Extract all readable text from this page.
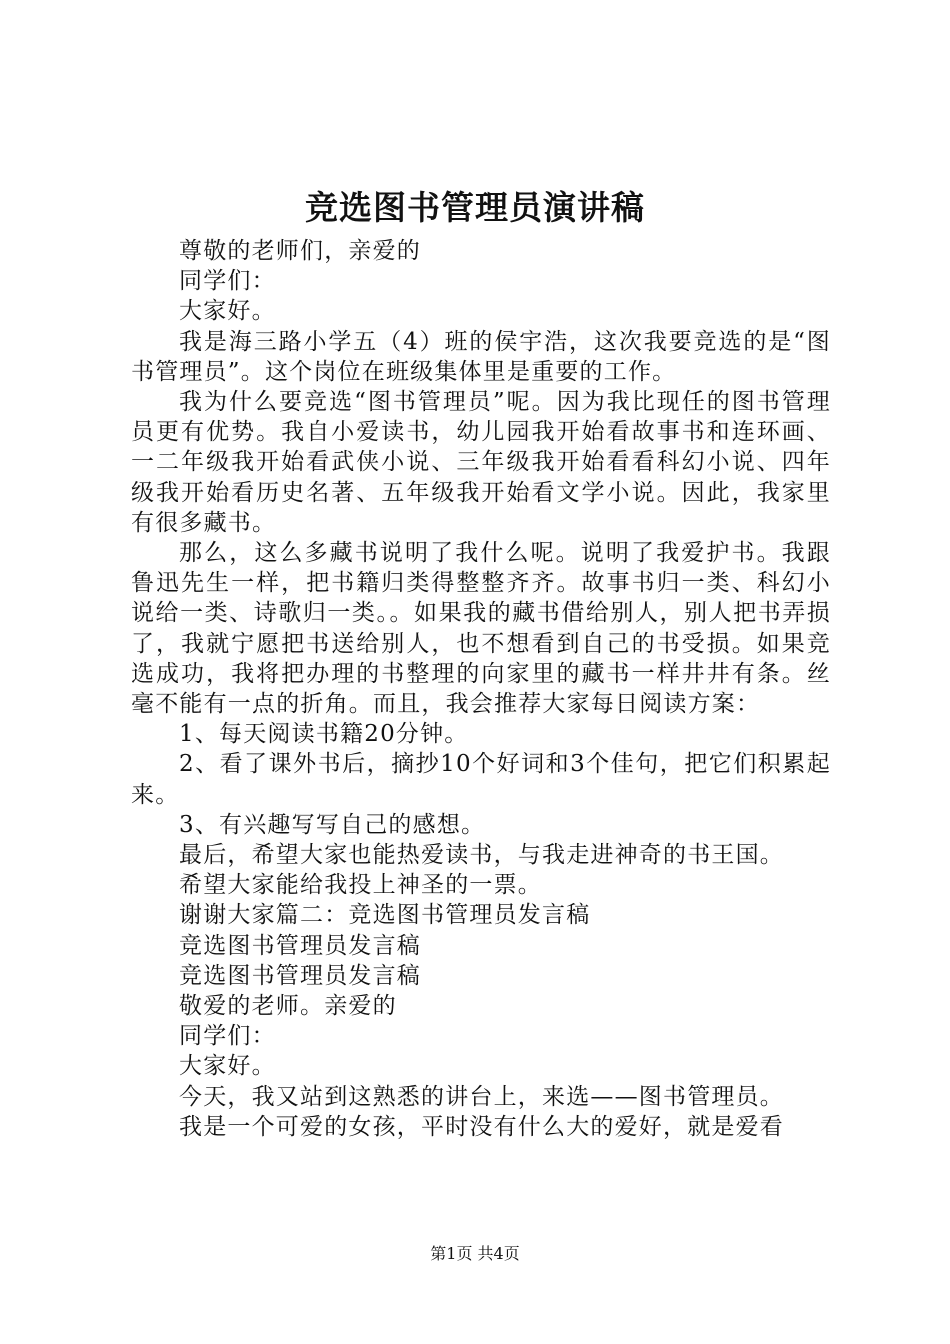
竞选图书管理员演讲稿

尊敬的老师们，亲爱的

同学们：

大家好。

我是海三路小学五（4）班的侯宇浩，这次我要竞选的是“图书管理员”。这个岗位在班级集体里是重要的工作。

我为什么要竞选“图书管理员”呢。因为我比现任的图书管理员更有优势。我自小爱读书，幼儿园我开始看故事书和连环画、一二年级我开始看武侠小说、三年级我开始看看科幻小说、四年级我开始看历史名著、五年级我开始看文学小说。因此，我家里有很多藏书。

那么，这么多藏书说明了我什么呢。说明了我爱护书。我跟鲁迅先生一样，把书籍归类得整整齐齐。故事书归一类、科幻小说给一类、诗歌归一类。。如果我的藏书借给别人，别人把书弄损了，我就宁愿把书送给别人，也不想看到自己的书受损。如果竞选成功，我将把办理的书整理的向家里的藏书一样井井有条。丝毫不能有一点的折角。而且，我会推荐大家每日阅读方案：

1、每天阅读书籍20分钟。

2、看了课外书后，摘抄10个好词和3个佳句，把它们积累起来。

3、有兴趣写写自己的感想。

最后，希望大家也能热爱读书，与我走进神奇的书王国。

希望大家能给我投上神圣的一票。

谢谢大家篇二：竞选图书管理员发言稿

竞选图书管理员发言稿

竞选图书管理员发言稿

敬爱的老师。亲爱的

同学们：

大家好。

今天，我又站到这熟悉的讲台上，来选——图书管理员。

我是一个可爱的女孩，平时没有什么大的爱好，就是爱看

第1页 共4页
